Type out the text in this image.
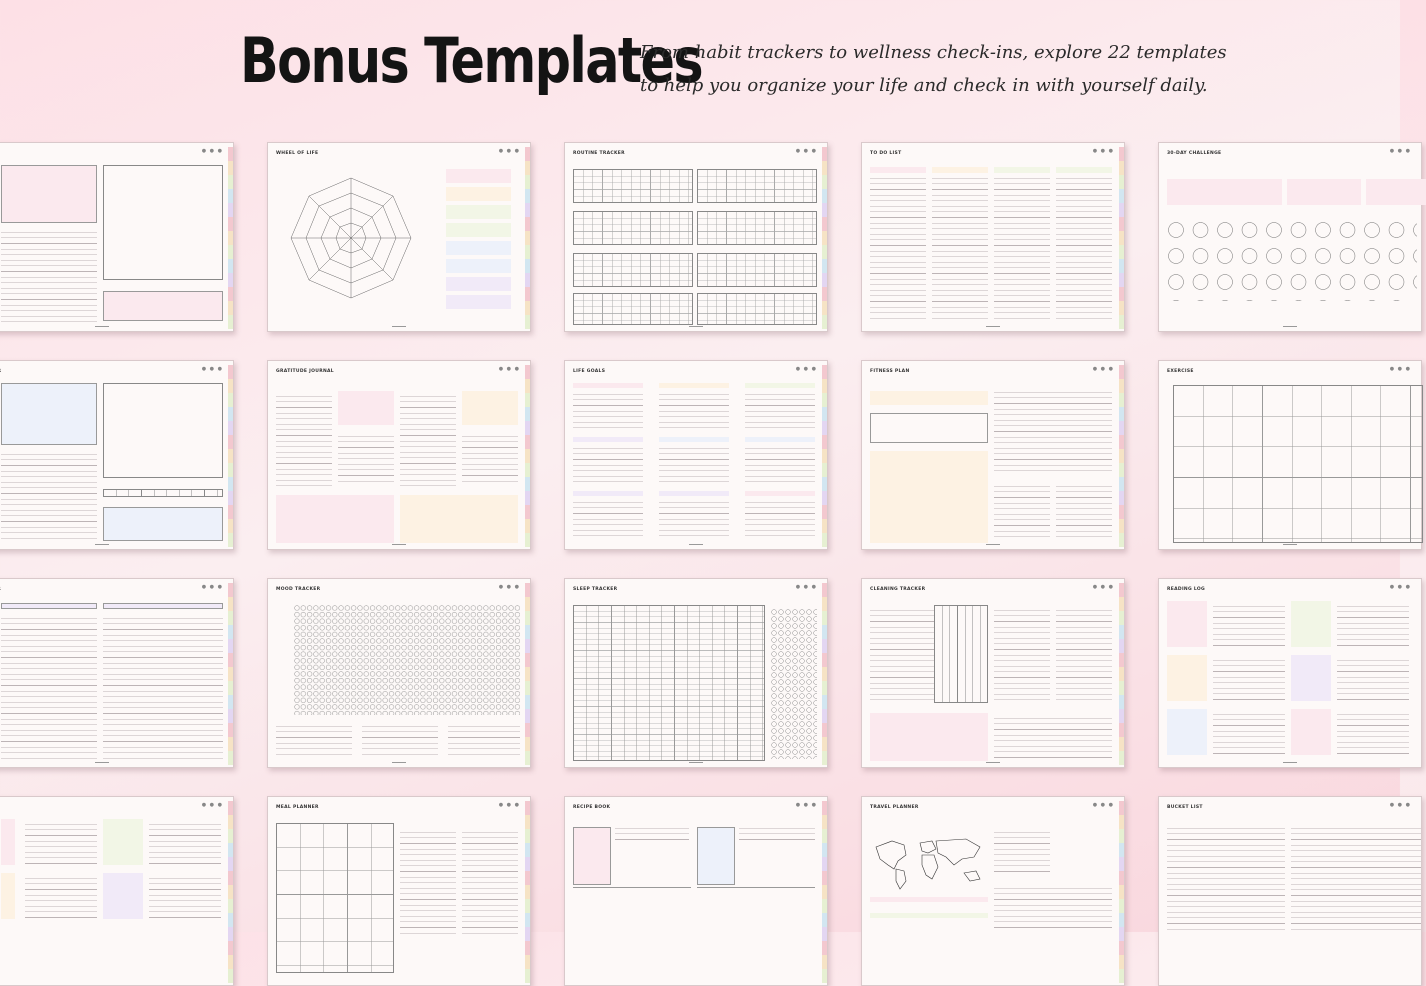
Bonus Templates
From habit trackers to wellness check-ins, explore 22 templates
to help you organize your life and check in with yourself daily.
● ● ●	WHEEL OF LIFE	● ● ●	ROUTINE TRACKER	● ● ●	TO DO LIST	● ● ●	30-DAY CHALLENGE	● ● ●
● ● ●	GRATITUDE JOURNAL	● ● ●	LIFE GOALS	● ● ●	FITNESS PLAN	● ● ●	EXERCISE	● ● ●
● ● ●	MOOD TRACKER	● ● ●	SLEEP TRACKER	● ● ●	CLEANING TRACKER	● ● ●	READING LOG	● ● ●
● ● ●	MEAL PLANNER	● ● ●	RECIPE BOOK	● ● ●	TRAVEL PLANNER	● ● ●	BUCKET LIST	● ● ●
